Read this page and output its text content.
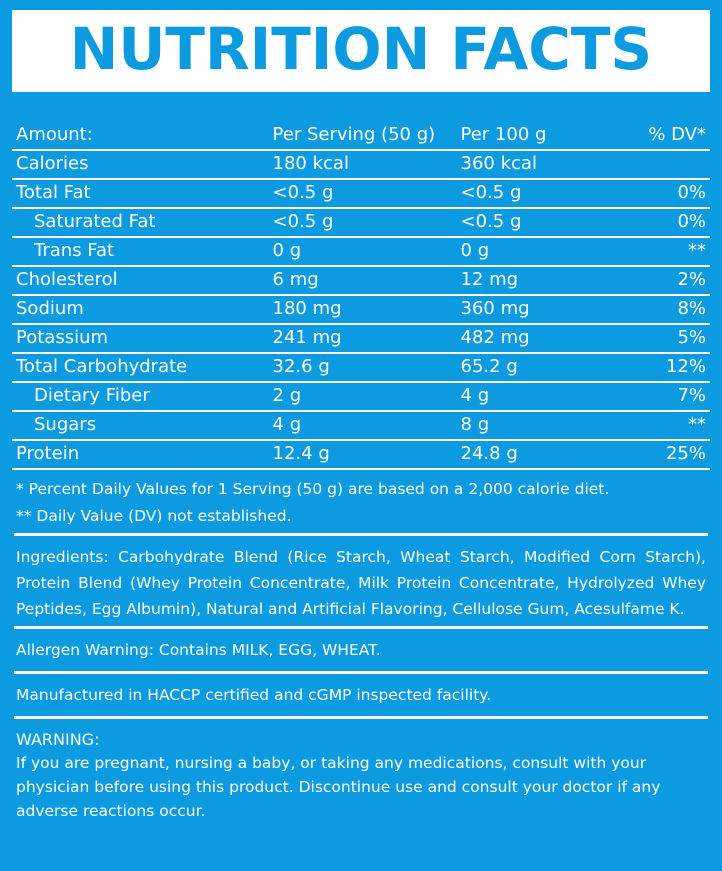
NUTRITION FACTS
Serving Size: 1 Scoop (50 g)	Servings Per Container: 32
Amount:	Per Serving (50 g)	Per 100 g	% DV*
Calories	180 kcal	360 kcal	
Total Fat	<0.5 g	<0.5 g	0%
Saturated Fat	<0.5 g	<0.5 g	0%
Trans Fat	0 g	0 g	**
Cholesterol	6 mg	12 mg	2%
Sodium	180 mg	360 mg	8%
Potassium	241 mg	482 mg	5%
Total Carbohydrate	32.6 g	65.2 g	12%
Dietary Fiber	2 g	4 g	7%
Sugars	4 g	8 g	**
Protein	12.4 g	24.8 g	25%
* Percent Daily Values for 1 Serving (50 g) are based on a 2,000 calorie diet.
** Daily Value (DV) not established.
Ingredients: Carbohydrate Blend (Rice Starch, Wheat Starch, Modified Corn Starch), Protein Blend (Whey Protein Concentrate, Milk Protein Concentrate, Hydrolyzed Whey Peptides, Egg Albumin), Natural and Artificial Flavoring, Cellulose Gum, Acesulfame K.
Allergen Warning: Contains MILK, EGG, WHEAT.
Manufactured in HACCP certified and cGMP inspected facility.
WARNING:
If you are pregnant, nursing a baby, or taking any medications, consult with your physician before using this product. Discontinue use and consult your doctor if any adverse reactions occur.
